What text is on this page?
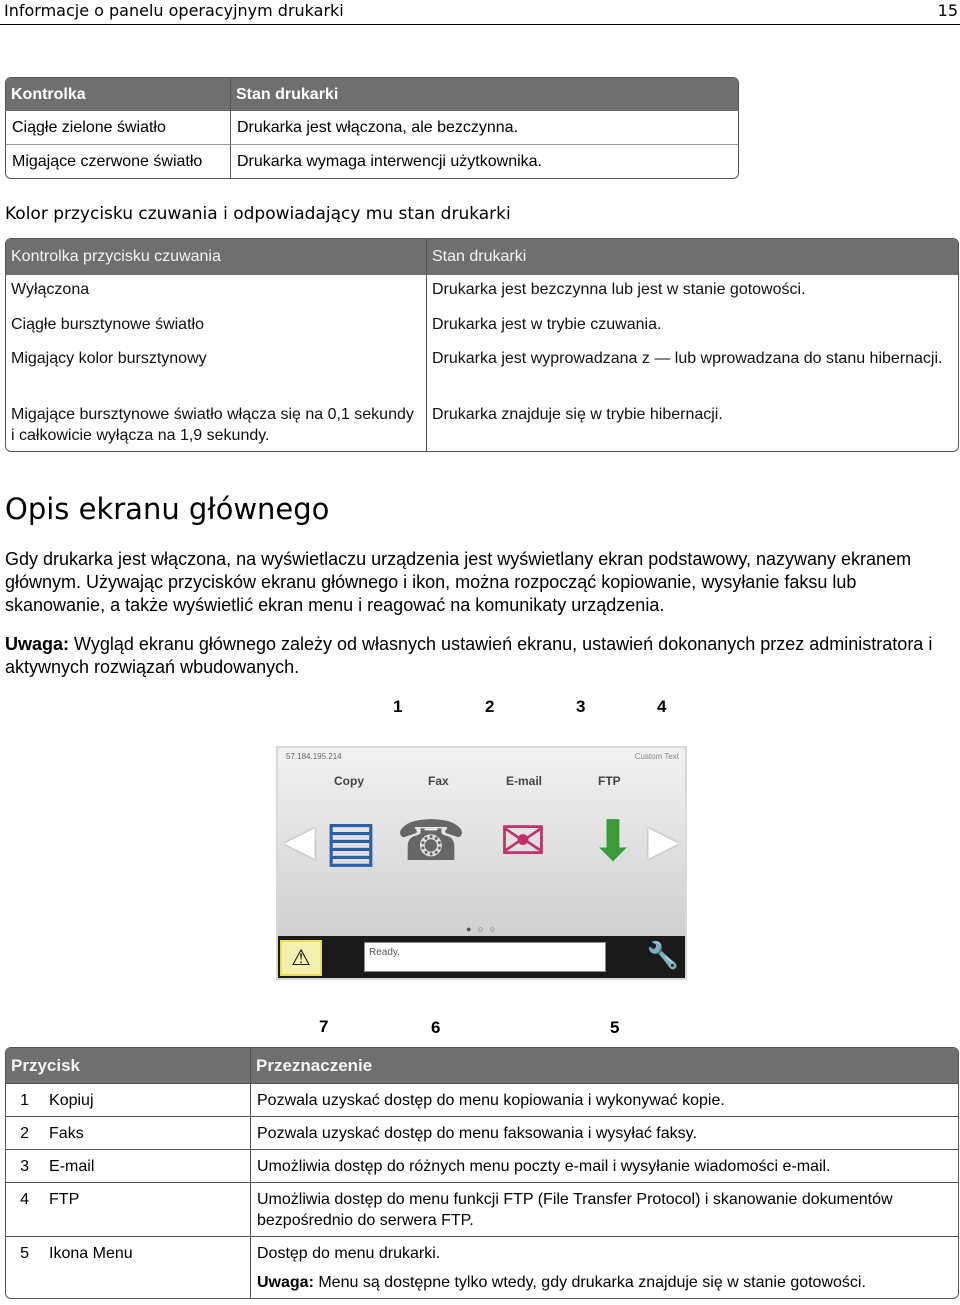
Informacje o panelu operacyjnym drukarki	15
Kontrolka	Stan drukarki
Ciągłe zielone światło	Drukarka jest włączona, ale bezczynna.
Migające czerwone światło	Drukarka wymaga interwencji użytkownika.
Kolor przycisku czuwania i odpowiadający mu stan drukarki
Kontrolka przycisku czuwania	Stan drukarki
Wyłączona	Drukarka jest bezczynna lub jest w stanie gotowości.
Ciągłe bursztynowe światło	Drukarka jest w trybie czuwania.
Migający kolor bursztynowy	Drukarka jest wyprowadzana z — lub wprowadzana do stanu hibernacji.
Migające bursztynowe światło włącza się na 0,1 sekundy i całkowicie wyłącza na 1,9 sekundy.	Drukarka znajduje się w trybie hibernacji.
Opis ekranu głównego
Gdy drukarka jest włączona, na wyświetlaczu urządzenia jest wyświetlany ekran podstawowy, nazywany ekranem głównym. Używając przycisków ekranu głównego i ikon, można rozpocząć kopiowanie, wysyłanie faksu lub skanowanie, a także wyświetlić ekran menu i reagować na komunikaty urządzenia.
Uwaga: Wygląd ekranu głównego zależy od własnych ustawień ekranu, ustawień dokonanych przez administratora i aktywnych rozwiązań wbudowanych.
1	2	3	4
57.184.195.214	Custom Text
◀	▶
Copy	Fax	E-mail	FTP
▤ ☎ ✉ ⬇
● ○ ○
⚠	Ready.	🔧
7	6	5
Przycisk		Przeznaczenie
1	Kopiuj	Pozwala uzyskać dostęp do menu kopiowania i wykonywać kopie.
2	Faks	Pozwala uzyskać dostęp do menu faksowania i wysyłać faksy.
3	E-mail	Umożliwia dostęp do różnych menu poczty e-mail i wysyłanie wiadomości e-mail.
4	FTP	Umożliwia dostęp do menu funkcji FTP (File Transfer Protocol) i skanowanie dokumentów bezpośrednio do serwera FTP.
5	Ikona Menu	Dostęp do menu drukarki.
Uwaga: Menu są dostępne tylko wtedy, gdy drukarka znajduje się w stanie gotowości.
